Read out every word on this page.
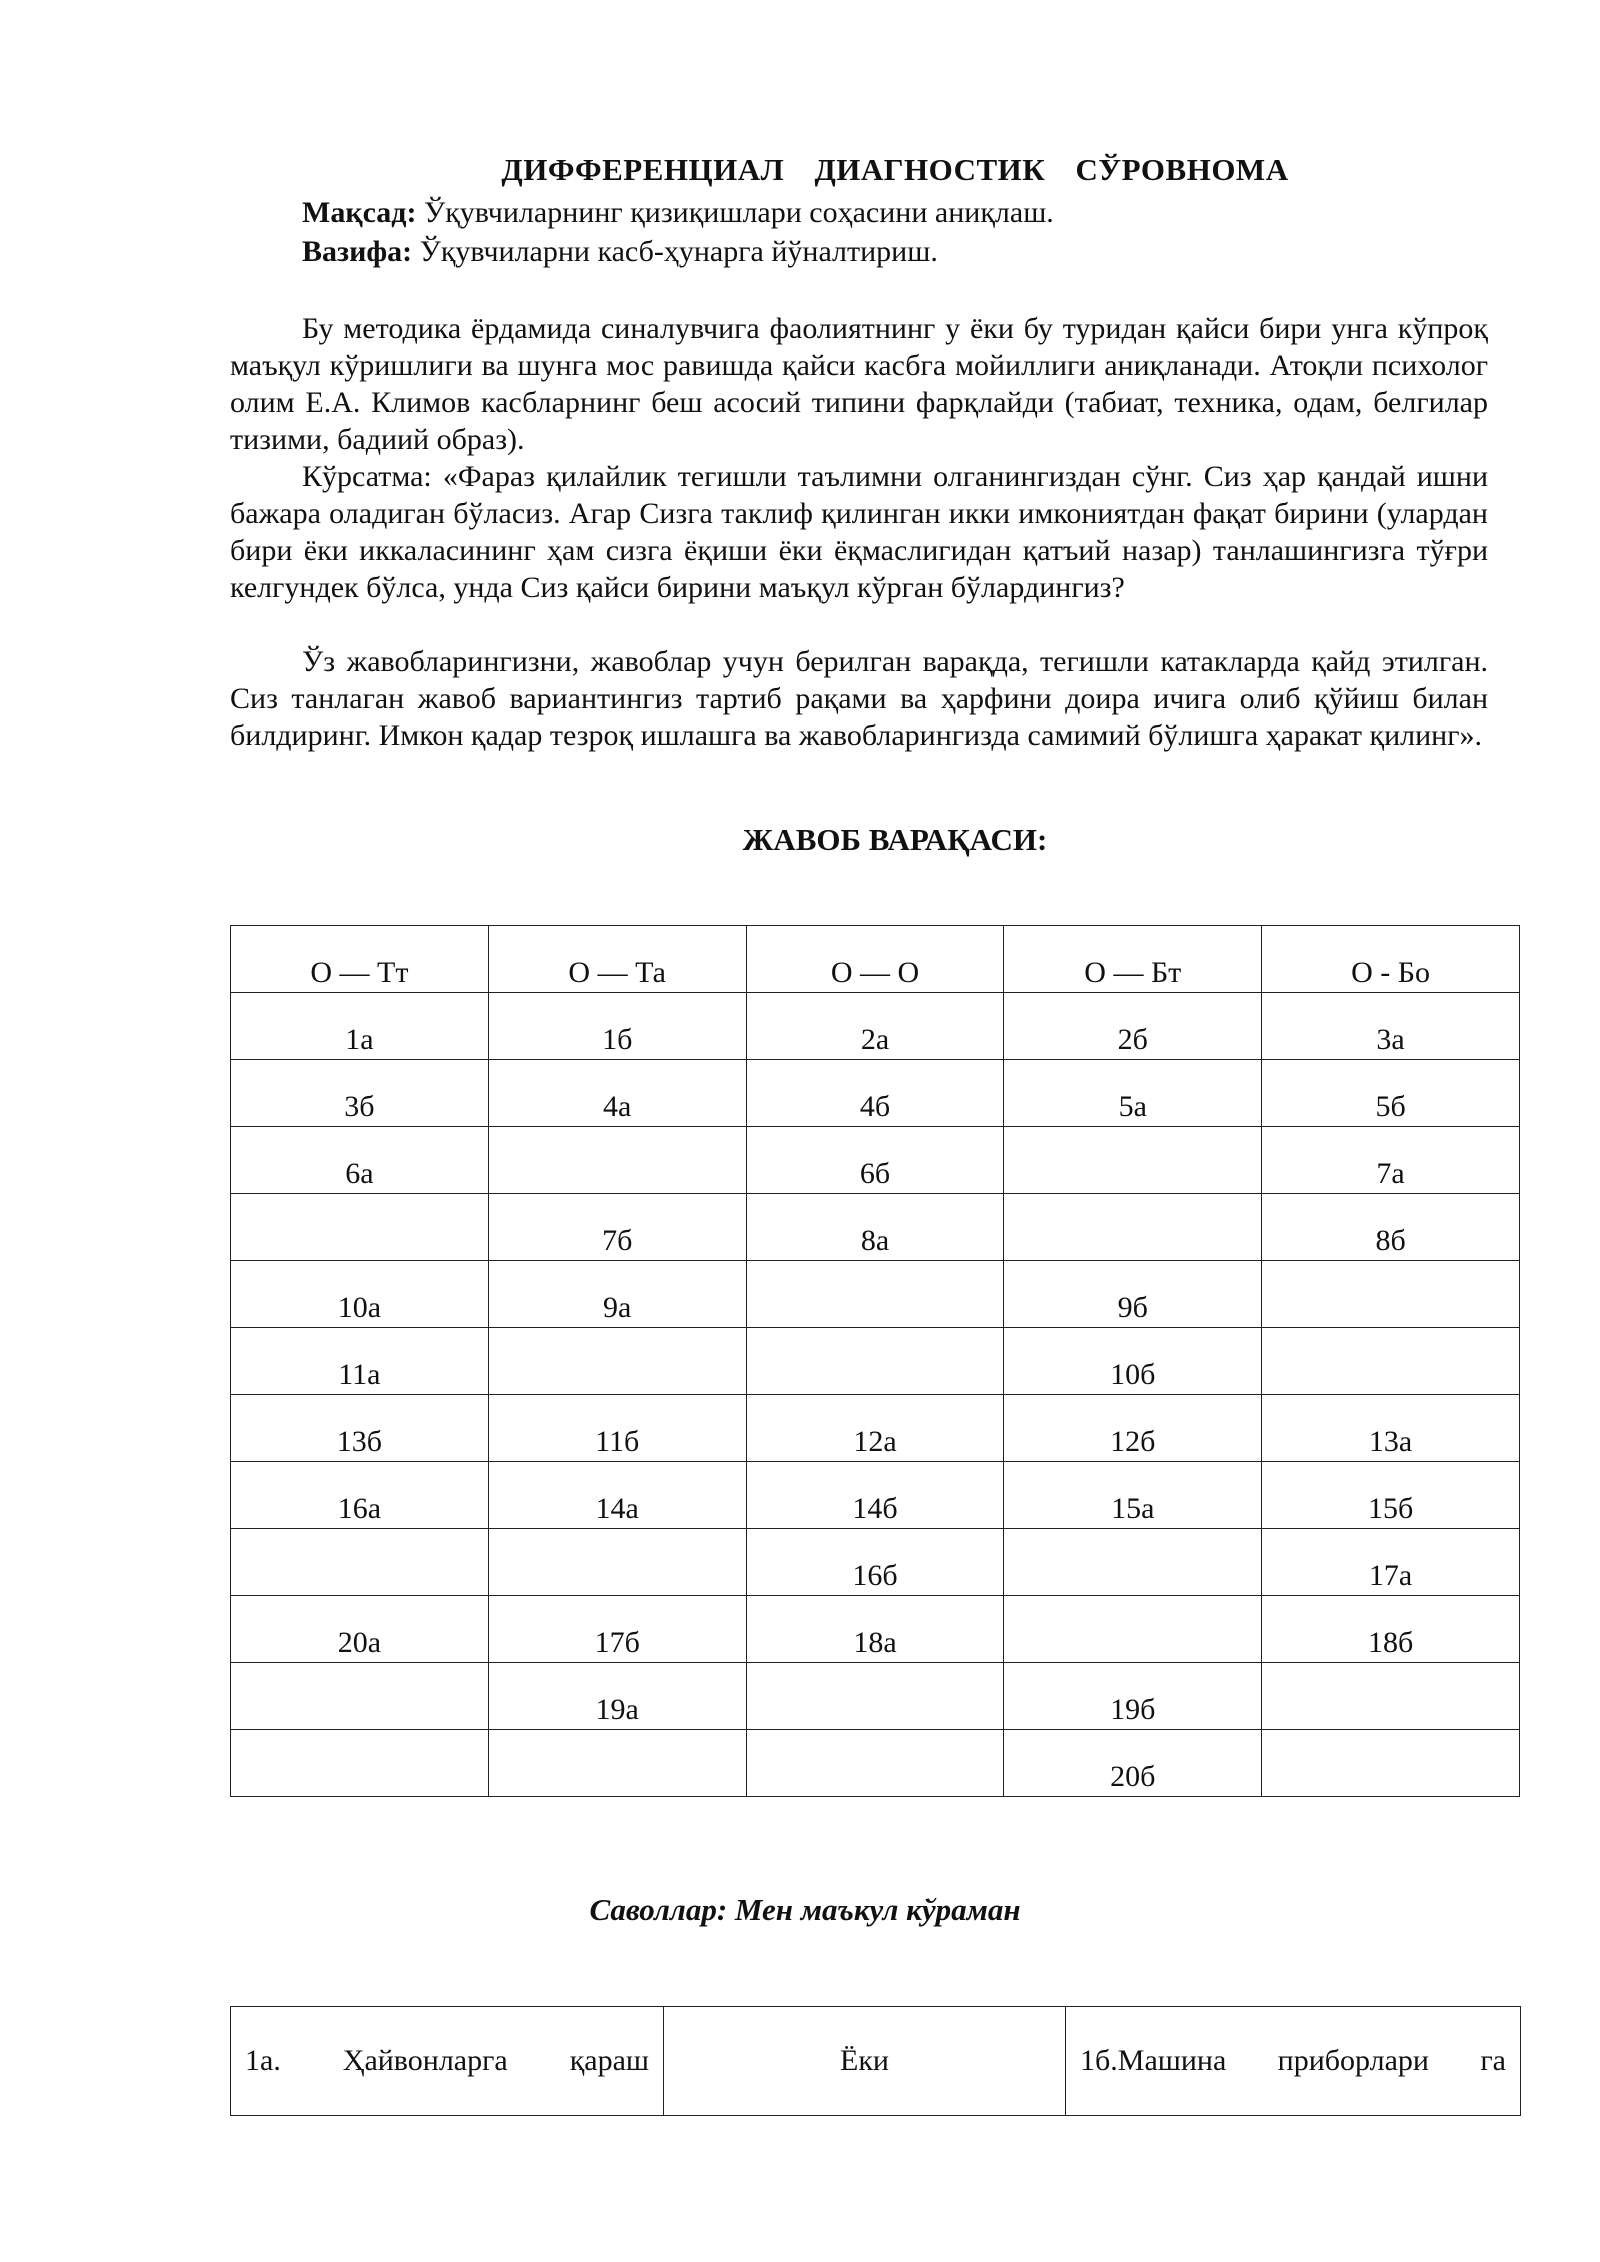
ДИФФЕРЕНЦИАЛ ДИАГНОСТИК СЎРОВНОМА
Мақсад: Ўқувчиларнинг қизиқишлари соҳасини аниқлаш.
Вазифа: Ўқувчиларни касб-ҳунарга йўналтириш.
Бу методика ёрдамида синалувчига фаолиятнинг у ёки бу туридан қайси бири унга кўпроқ маъқул кўришлиги ва шунга мос равишда қайси касбга мойиллиги аниқланади. Атоқли психолог олим Е.А. Климов касбларнинг беш асосий типини фарқлайди (табиат, техника, одам, белгилар тизими, бадиий образ).
Кўрсатма: «Фараз қилайлик тегишли таълимни олганингиздан сўнг. Сиз ҳар қандай ишни бажара оладиган бўласиз. Агар Сизга таклиф қилинган икки имкониятдан фақат бирини (улардан бири ёки иккаласининг ҳам сизга ёқиши ёки ёқмаслигидан қатъий назар) танлашингизга тўғри келгундек бўлса, унда Сиз қайси бирини маъқул кўрган бўлардингиз?
Ўз жавобларингизни, жавоблар учун берилган варақда, тегишли катакларда қайд этилган. Сиз танлаган жавоб вариантингиз тартиб рақами ва ҳарфини доира ичига олиб қўйиш билан билдиринг. Имкон қадар тезроқ ишлашга ва жавобларингизда самимий бўлишга ҳаракат қилинг».
ЖАВОБ ВАРАҚАСИ:
О — Тт	О — Та	О — О	О — Бт	О - Бо
1а	1б	2а	2б	3а
3б	4а	4б	5а	5б
6а		6б		7а
	7б	8а		8б
10а	9а		9б	
11а			10б	
13б	11б	12а	12б	13а
16а	14а	14б	15а	15б
		16б		17а
20а	17б	18а		18б
	19а		19б	
			20б	
Саволлар: Мен маъкул кўраман
1а. Ҳайвонларга қараш	Ёки	1б.Машина приборлари га
